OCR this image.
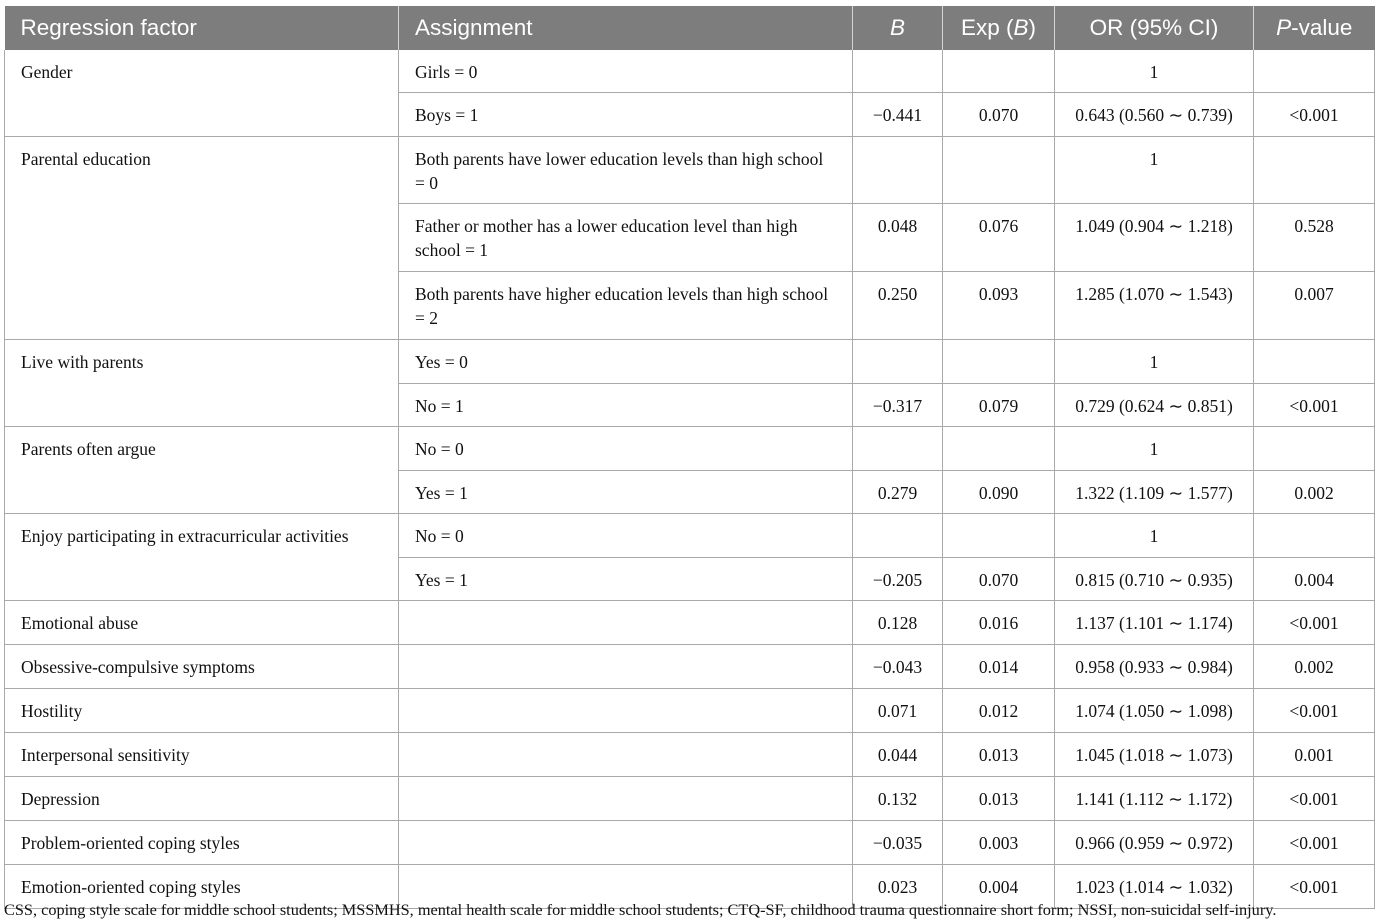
Regression factor	Assignment	B	Exp (B)	OR (95% CI)	P-value
Gender	Girls = 0			1	
	Boys = 1	−0.441	0.070	0.643 (0.560 ∼ 0.739)	<0.001
Parental education	Both parents have lower education levels than high school = 0			1	
	Father or mother has a lower education level than high school = 1	0.048	0.076	1.049 (0.904 ∼ 1.218)	0.528
	Both parents have higher education levels than high school = 2	0.250	0.093	1.285 (1.070 ∼ 1.543)	0.007
Live with parents	Yes = 0			1	
	No = 1	−0.317	0.079	0.729 (0.624 ∼ 0.851)	<0.001
Parents often argue	No = 0			1	
	Yes = 1	0.279	0.090	1.322 (1.109 ∼ 1.577)	0.002
Enjoy participating in extracurricular activities	No = 0			1	
	Yes = 1	−0.205	0.070	0.815 (0.710 ∼ 0.935)	0.004
Emotional abuse		0.128	0.016	1.137 (1.101 ∼ 1.174)	<0.001
Obsessive-compulsive symptoms		−0.043	0.014	0.958 (0.933 ∼ 0.984)	0.002
Hostility		0.071	0.012	1.074 (1.050 ∼ 1.098)	<0.001
Interpersonal sensitivity		0.044	0.013	1.045 (1.018 ∼ 1.073)	0.001
Depression		0.132	0.013	1.141 (1.112 ∼ 1.172)	<0.001
Problem-oriented coping styles		−0.035	0.003	0.966 (0.959 ∼ 0.972)	<0.001
Emotion-oriented coping styles		0.023	0.004	1.023 (1.014 ∼ 1.032)	<0.001
CSS, coping style scale for middle school students; MSSMHS, mental health scale for middle school students; CTQ-SF, childhood trauma questionnaire short form; NSSI, non-suicidal self-injury.
